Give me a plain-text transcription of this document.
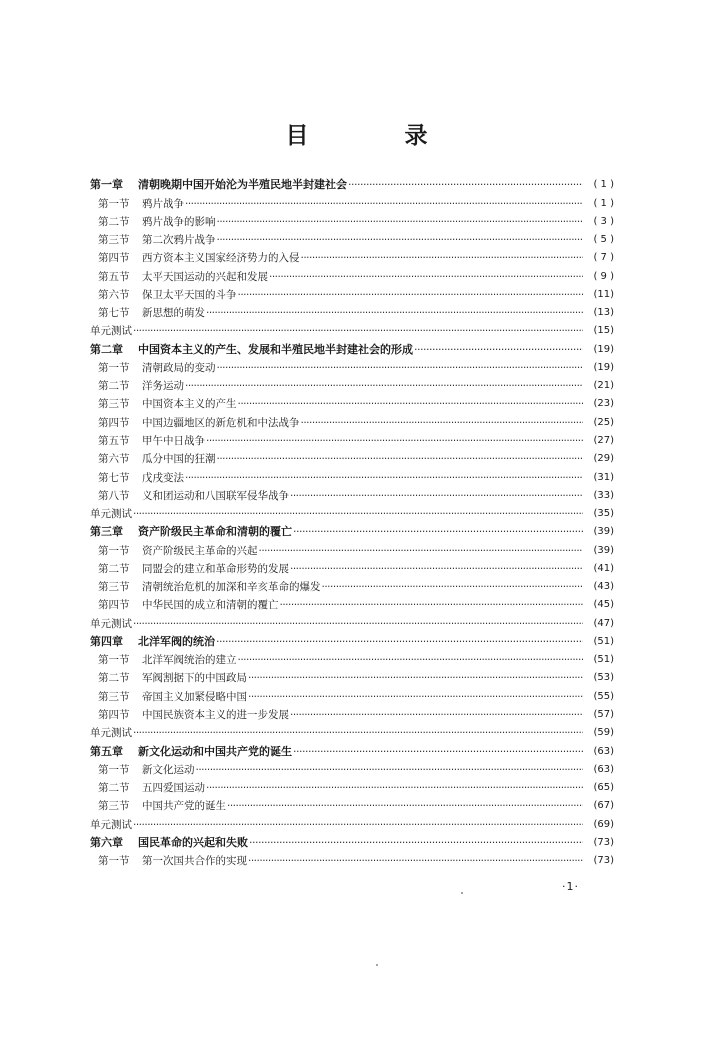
目 录
第一章	清朝晚期中国开始沦为半殖民地半封建社会 ·····	( 1 )
第一节	鸦片战争 ·····	( 1 )
第二节	鸦片战争的影响 ·····	( 3 )
第三节	第二次鸦片战争 ·····	( 5 )
第四节	西方资本主义国家经济势力的入侵 ·····	( 7 )
第五节	太平天国运动的兴起和发展 ·····	( 9 )
第六节	保卫太平天国的斗争 ·····	(11)
第七节	新思想的萌发 ·····	(13)
单元测试 ·····	(15)
第二章	中国资本主义的产生、发展和半殖民地半封建社会的形成 ·····	(19)
第一节	清朝政局的变动 ·····	(19)
第二节	洋务运动 ·····	(21)
第三节	中国资本主义的产生 ·····	(23)
第四节	中国边疆地区的新危机和中法战争 ·····	(25)
第五节	甲午中日战争 ·····	(27)
第六节	瓜分中国的狂潮 ·····	(29)
第七节	戊戌变法 ·····	(31)
第八节	义和团运动和八国联军侵华战争 ·····	(33)
单元测试 ·····	(35)
第三章	资产阶级民主革命和清朝的覆亡 ·····	(39)
第一节	资产阶级民主革命的兴起 ·····	(39)
第二节	同盟会的建立和革命形势的发展 ·····	(41)
第三节	清朝统治危机的加深和辛亥革命的爆发 ·····	(43)
第四节	中华民国的成立和清朝的覆亡 ·····	(45)
单元测试 ·····	(47)
第四章	北洋军阀的统治 ·····	(51)
第一节	北洋军阀统治的建立 ·····	(51)
第二节	军阀割据下的中国政局 ·····	(53)
第三节	帝国主义加紧侵略中国 ·····	(55)
第四节	中国民族资本主义的进一步发展 ·····	(57)
单元测试 ·····	(59)
第五章	新文化运动和中国共产党的诞生 ·····	(63)
第一节	新文化运动 ·····	(63)
第二节	五四爱国运动 ·····	(65)
第三节	中国共产党的诞生 ·····	(67)
单元测试 ·····	(69)
第六章	国民革命的兴起和失败 ·····	(73)
第一节	第一次国共合作的实现 ·····	(73)
·1·
